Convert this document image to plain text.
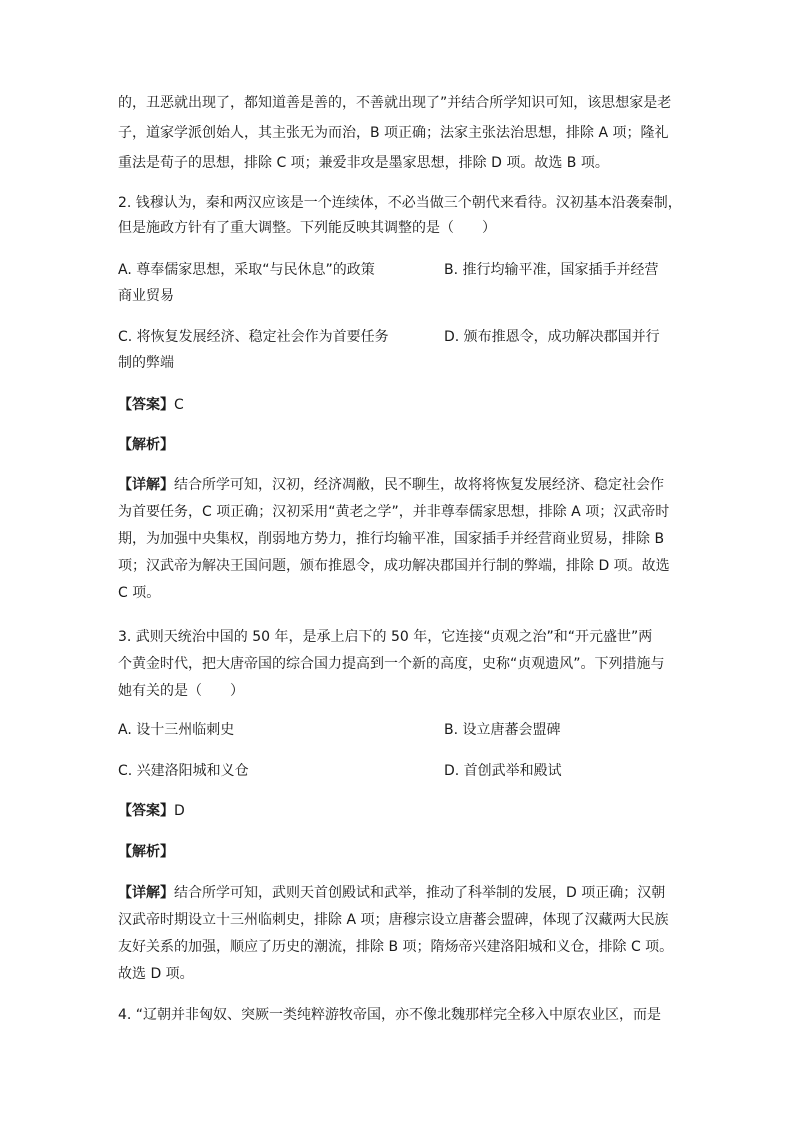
的，丑恶就出现了，都知道善是善的，不善就出现了”并结合所学知识可知，该思想家是老
子，道家学派创始人，其主张无为而治，B 项正确；法家主张法治思想，排除 A 项；隆礼
重法是荀子的思想，排除 C 项；兼爱非攻是墨家思想，排除 D 项。故选 B 项。
2. 钱穆认为，秦和两汉应该是一个连续体，不必当做三个朝代来看待。汉初基本沿袭秦制，
但是施政方针有了重大调整。下列能反映其调整的是（　　）
A. 尊奉儒家思想，采取“与民休息”的政策	B. 推行均输平准，国家插手并经营
商业贸易
C. 将恢复发展经济、稳定社会作为首要任务	D. 颁布推恩令，成功解决郡国并行
制的弊端
【答案】C
【解析】
【详解】结合所学可知，汉初，经济凋敝，民不聊生，故将将恢复发展经济、稳定社会作
为首要任务，C 项正确；汉初采用“黄老之学”，并非尊奉儒家思想，排除 A 项；汉武帝时
期，为加强中央集权，削弱地方势力，推行均输平准，国家插手并经营商业贸易，排除 B
项；汉武帝为解决王国问题，颁布推恩令，成功解决郡国并行制的弊端，排除 D 项。故选
C 项。
3. 武则天统治中国的 50 年，是承上启下的 50 年，它连接“贞观之治”和“开元盛世”两
个黄金时代，把大唐帝国的综合国力提高到一个新的高度，史称“贞观遗风”。下列措施与
她有关的是（　　）
A. 设十三州临刺史	B. 设立唐蕃会盟碑
C. 兴建洛阳城和义仓	D. 首创武举和殿试
【答案】D
【解析】
【详解】结合所学可知，武则天首创殿试和武举，推动了科举制的发展，D 项正确；汉朝
汉武帝时期设立十三州临刺史，排除 A 项；唐穆宗设立唐蕃会盟碑，体现了汉藏两大民族
友好关系的加强，顺应了历史的潮流，排除 B 项；隋炀帝兴建洛阳城和义仓，排除 C 项。
故选 D 项。
4. “辽朝并非匈奴、突厥一类纯粹游牧帝国，亦不像北魏那样完全移入中原农业区，而是
